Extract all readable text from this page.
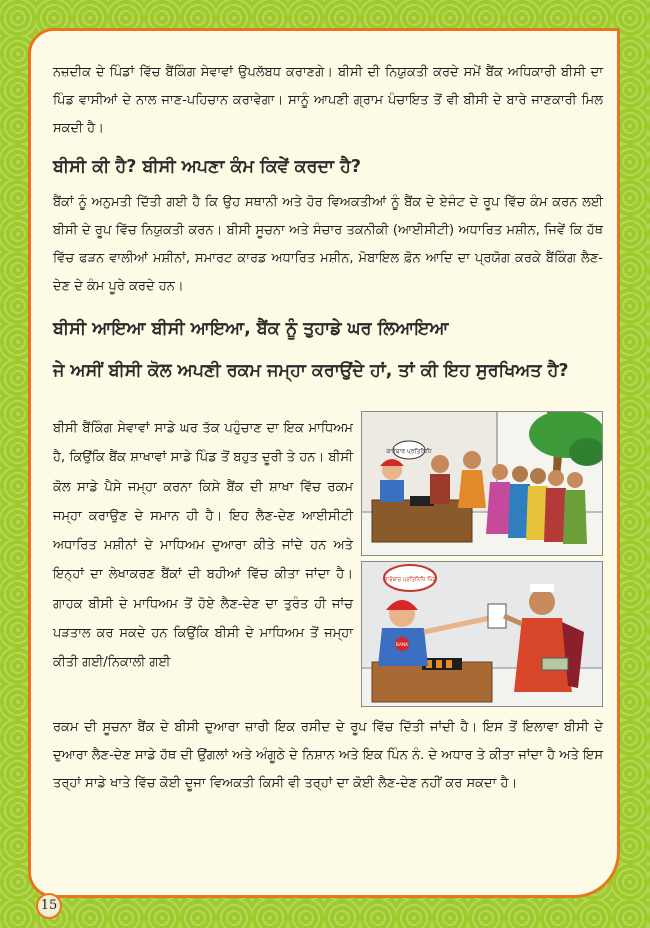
ਨਜ਼ਦੀਕ ਦੇ ਪਿੰਡਾਂ ਵਿੱਚ ਬੈਂਕਿੰਗ ਸੇਵਾਵਾਂ ਉਪਲੱਬਧ ਕਰਾਣਗੇ। ਬੀਸੀ ਦੀ ਨਿਯੁਕਤੀ ਕਰਦੇ ਸਮੇਂ ਬੈਂਕ ਅਧਿਕਾਰੀ ਬੀਸੀ ਦਾ ਪਿੰਡ ਵਾਸੀਆਂ ਦੇ ਨਾਲ ਜਾਣ-ਪਹਿਚਾਨ ਕਰਾਵੇਗਾ। ਸਾਨੂੰ ਆਪਣੀ ਗ੍ਰਾਮ ਪੰਚਾਇਤ ਤੋਂ ਵੀ ਬੀਸੀ ਦੇ ਬਾਰੇ ਜਾਣਕਾਰੀ ਮਿਲ ਸਕਦੀ ਹੈ।

ਬੀਸੀ ਕੀ ਹੈ? ਬੀਸੀ ਅਪਣਾ ਕੰਮ ਕਿਵੇਂ ਕਰਦਾ ਹੈ?

ਬੈਂਕਾਂ ਨੂੰ ਅਨੁਮਤੀ ਦਿੱਤੀ ਗਈ ਹੈ ਕਿ ਉਹ ਸਥਾਨੀ ਅਤੇ ਹੋਰ ਵਿਅਕਤੀਆਂ ਨੂੰ ਬੈਂਕ ਦੇ ਏਜੰਟ ਦੇ ਰੂਪ ਵਿੱਚ ਕੰਮ ਕਰਨ ਲਈ ਬੀਸੀ ਦੇ ਰੂਪ ਵਿੱਚ ਨਿਯੁਕਤੀ ਕਰਨ। ਬੀਸੀ ਸੂਚਨਾ ਅਤੇ ਸੰਚਾਰ ਤਕਨੀਕੀ (ਆਈਸੀਟੀ) ਅਧਾਰਿਤ ਮਸ਼ੀਨ, ਜਿਵੇਂ ਕਿ ਹੱਥ ਵਿੱਚ ਫੜਨ ਵਾਲੀਆਂ ਮਸ਼ੀਨਾਂ, ਸਮਾਰਟ ਕਾਰਡ ਅਧਾਰਿਤ ਮਸ਼ੀਨ, ਮੋਬਾਇਲ ਫ਼ੋਨ ਆਦਿ ਦਾ ਪ੍ਰਯੋਗ ਕਰਕੇ ਬੈਂਕਿੰਗ ਲੈਣ-ਦੇਣ ਦੇ ਕੰਮ ਪੂਰੇ ਕਰਦੇ ਹਨ।

ਬੀਸੀ ਆਇਆ ਬੀਸੀ ਆਇਆ, ਬੈਂਕ ਨੂੰ ਤੁਹਾਡੇ ਘਰ ਲਿਆਇਆ
ਜੇ ਅਸੀਂ ਬੀਸੀ ਕੋਲ ਅਪਣੀ ਰਕਮ ਜਮ੍ਹਾ ਕਰਾਉਂਦੇ ਹਾਂ, ਤਾਂ ਕੀ ਇਹ ਸੁਰਖਿਅਤ ਹੈ?

ਬੀਸੀ ਬੈਂਕਿੰਗ ਸੇਵਾਵਾਂ ਸਾਡੇ ਘਰ ਤੱਕ ਪਹੁੰਚਾਣ ਦਾ ਇਕ ਮਾਧਿਅਮ ਹੈ, ਕਿਉਂਕਿ ਬੈਂਕ ਸ਼ਾਖਾਵਾਂ ਸਾਡੇ ਪਿੰਡ ਤੋਂ ਬਹੁਤ ਦੂਰੀ ਤੇ ਹਨ। ਬੀਸੀ ਕੋਲ ਸਾਡੇ ਪੈਸੇ ਜਮ੍ਹਾ ਕਰਨਾ ਕਿਸੇ ਬੈਂਕ ਦੀ ਸ਼ਾਖਾ ਵਿੱਚ ਰਕਮ ਜਮ੍ਹਾ ਕਰਾਉਣ ਦੇ ਸਮਾਨ ਹੀ ਹੈ। ਇਹ ਲੈਣ-ਦੇਣ ਆਈਸੀਟੀ ਅਧਾਰਿਤ ਮਸ਼ੀਨਾਂ ਦੇ ਮਾਧਿਅਮ ਦੁਆਰਾ ਕੀਤੇ ਜਾਂਦੇ ਹਨ ਅਤੇ ਇਨ੍ਹਾਂ ਦਾ ਲੇਖਾਕਰਣ ਬੈਂਕਾਂ ਦੀ ਬਹੀਆਂ ਵਿੱਚ ਕੀਤਾ ਜਾਂਦਾ ਹੈ। ਗਾਹਕ ਬੀਸੀ ਦੇ ਮਾਧਿਅਮ ਤੋਂ ਹੋਏ ਲੈਣ-ਦੇਣ ਦਾ ਤੁਰੰਤ ਹੀ ਜਾਂਚ ਪੜਤਾਲ ਕਰ ਸਕਦੇ ਹਨ ਕਿਉਂਕਿ ਬੀਸੀ ਦੇ ਮਾਧਿਅਮ ਤੋਂ ਜਮ੍ਹਾ ਕੀਤੀ ਗਈ/ਨਿਕਾਲੀ ਗਈ

ਕਾਰੋਬਾਰ ਪ੍ਰਤਿਨਿਧਿ
ਕਾਰੋਬਾਰ ਪ੍ਰਤਿਨਿਧਿ ਪਿੰਡ
BANK

ਰਕਮ ਦੀ ਸੂਚਨਾ ਬੈਂਕ ਦੇ ਬੀਸੀ ਦੁਆਰਾ ਜ਼ਾਰੀ ਇਕ ਰਸੀਦ ਦੇ ਰੂਪ ਵਿੱਚ ਦਿੱਤੀ ਜਾਂਦੀ ਹੈ। ਇਸ ਤੋਂ ਇਲਾਵਾ ਬੀਸੀ ਦੇ ਦੁਆਰਾ ਲੈਣ-ਦੇਣ ਸਾਡੇ ਹੱਥ ਦੀ ਉਂਗਲਾਂ ਅਤੇ ਅੰਗੂਠੇ ਦੇ ਨਿਸ਼ਾਨ ਅਤੇ ਇਕ ਪਿੰਨ ਨੰ. ਦੇ ਅਧਾਰ ਤੇ ਕੀਤਾ ਜਾਂਦਾ ਹੈ ਅਤੇ ਇਸ ਤਰ੍ਹਾਂ ਸਾਡੇ ਖਾਤੇ ਵਿੱਚ ਕੋਈ ਦੂਜਾ ਵਿਅਕਤੀ ਕਿਸੀ ਵੀ ਤਰ੍ਹਾਂ ਦਾ ਕੋਈ ਲੈਣ-ਦੇਣ ਨਹੀਂ ਕਰ ਸਕਦਾ ਹੈ।

15
